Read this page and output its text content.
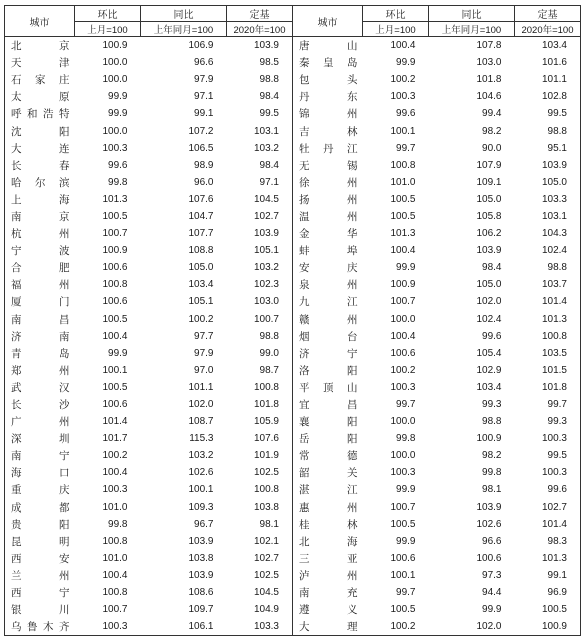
城市	环比	同比	定基	城市	环比	同比	定基
	上月=100	上年同月=100	2020年=100		上月=100	上年同月=100	2020年=100
北京	100.9	106.9	103.9	唐山	100.4	107.8	103.4
天津	100.0	96.6	98.5	秦皇岛	99.9	103.0	101.6
石家庄	100.0	97.9	98.8	包头	100.2	101.8	101.1
太原	99.9	97.1	98.4	丹东	100.3	104.6	102.8
呼和浩特	99.9	99.1	99.5	锦州	99.6	99.4	99.5
沈阳	100.0	107.2	103.1	吉林	100.1	98.2	98.8
大连	100.3	106.5	103.2	牡丹江	99.7	90.0	95.1
长春	99.6	98.9	98.4	无锡	100.8	107.9	103.9
哈尔滨	99.8	96.0	97.1	徐州	101.0	109.1	105.0
上海	101.3	107.6	104.5	扬州	100.5	105.0	103.3
南京	100.5	104.7	102.7	温州	100.5	105.8	103.1
杭州	100.7	107.7	103.9	金华	101.3	106.2	104.3
宁波	100.9	108.8	105.1	蚌埠	100.4	103.9	102.4
合肥	100.6	105.0	103.2	安庆	99.9	98.4	98.8
福州	100.8	103.4	102.3	泉州	100.9	105.0	103.7
厦门	100.6	105.1	103.0	九江	100.7	102.0	101.4
南昌	100.5	100.2	100.7	赣州	100.0	102.4	101.3
济南	100.4	97.7	98.8	烟台	100.4	99.6	100.8
青岛	99.9	97.9	99.0	济宁	100.6	105.4	103.5
郑州	100.1	97.0	98.7	洛阳	100.2	102.9	101.5
武汉	100.5	101.1	100.8	平顶山	100.3	103.4	101.8
长沙	100.6	102.0	101.8	宜昌	99.7	99.3	99.7
广州	101.4	108.7	105.9	襄阳	100.0	98.8	99.3
深圳	101.7	115.3	107.6	岳阳	99.8	100.9	100.3
南宁	100.2	103.2	101.9	常德	100.0	98.2	99.5
海口	100.4	102.6	102.5	韶关	100.3	99.8	100.3
重庆	100.3	100.1	100.8	湛江	99.9	98.1	99.6
成都	101.0	109.3	103.8	惠州	100.7	103.9	102.7
贵阳	99.8	96.7	98.1	桂林	100.5	102.6	101.4
昆明	100.8	103.9	102.1	北海	99.9	96.6	98.3
西安	101.0	103.8	102.7	三亚	100.6	100.6	101.3
兰州	100.4	103.9	102.5	泸州	100.1	97.3	99.1
西宁	100.8	108.6	104.5	南充	99.7	94.4	96.9
银川	100.7	109.7	104.9	遵义	100.5	99.9	100.5
乌鲁木齐	100.3	106.1	103.3	大理	100.2	102.0	100.9
